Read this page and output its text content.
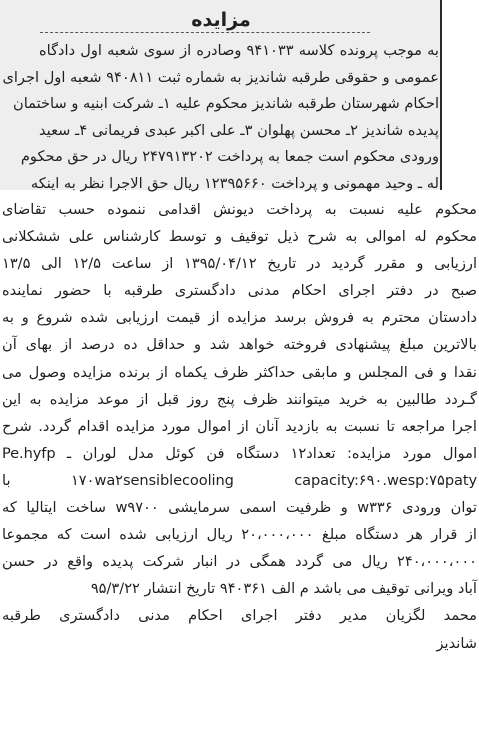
مزایده
به موجب پرونده کلاسه ۹۴۱۰۳۳ وصادره از سوی شعبه اول دادگاه
عمومی و حقوقی طرقبه شاندیز به شماره ثبت ۹۴۰۸۱۱ شعبه اول اجرای
احکام شهرستان طرقبه شاندیز محکوم علیه ۱ـ شرکت ابنیه و ساختمان
پدیده شاندیز ۲ـ محسن پهلوان ۳ـ علی اکبر عبدی فریمانی ۴ـ سعید
ورودی محکوم است جمعا به پرداخت ۲۴۷۹۱۳۲۰۲ ریال در حق محکوم
له ـ وحید مهمونی و پرداخت ۱۲۳۹۵۶۶۰ ریال حق الاجرا نظر به اینکه
محکوم علیه نسبت به پرداخت دیونش اقدامی ننموده حسب تقاضای
محکوم له اموالی به شرح ذیل توقیف و توسط کارشناس علی ششکلانی
ارزیابی و مقرر گردید در تاریخ ۱۳۹۵/۰۴/۱۲ از ساعت ۱۲/۵ الی ۱۳/۵
صبح در دفتر اجرای احکام مدنی دادگستری طرقبه با حضور نماینده
دادستان محترم به فروش برسد مزایده از قیمت ارزیابی شده شروع و به
بالاترین مبلغ پیشنهادی فروخته خواهد شد و حداقل ده درصد از بهای آن
نقدا و فی المجلس و مابقی حداکثر ظرف یکماه از برنده مزایده وصول می
گـردد طالبین به خرید میتوانند ظرف پنج روز قبل از موعد مزایده به این
اجرا مراجعه تا نسبت به بازدید آنان از اموال مورد مزایده اقدام گردد. شرح
اموال مورد مزایده: تعداد۱۲ دستگاه فن کوئل مدل لوران ـ Pe.hyfp
۱۷۰wa۲sensiblecooling capacity:۶۹۰.wesp:۷۵paty با
توان ورودی w۳۳۶ و ظرفیت اسمی سرمایشی w۹۷۰۰ ساخت ایتالیا که
از قرار هر دستگاه مبلغ ۲۰،۰۰۰،۰۰۰ ریال ارزیابی شده است که مجموعا
۲۴۰،۰۰۰،۰۰۰ ریال می گردد همگی در انبار شرکت پدیده واقع در حسن
آباد ویرانی توقیف می باشد م الف ۹۴۰۳۶۱ تاریخ انتشار ۹۵/۳/۲۲
محمد لگزیان مدیر دفتر اجرای احکام مدنی دادگستری طرقبه
شاندیز
